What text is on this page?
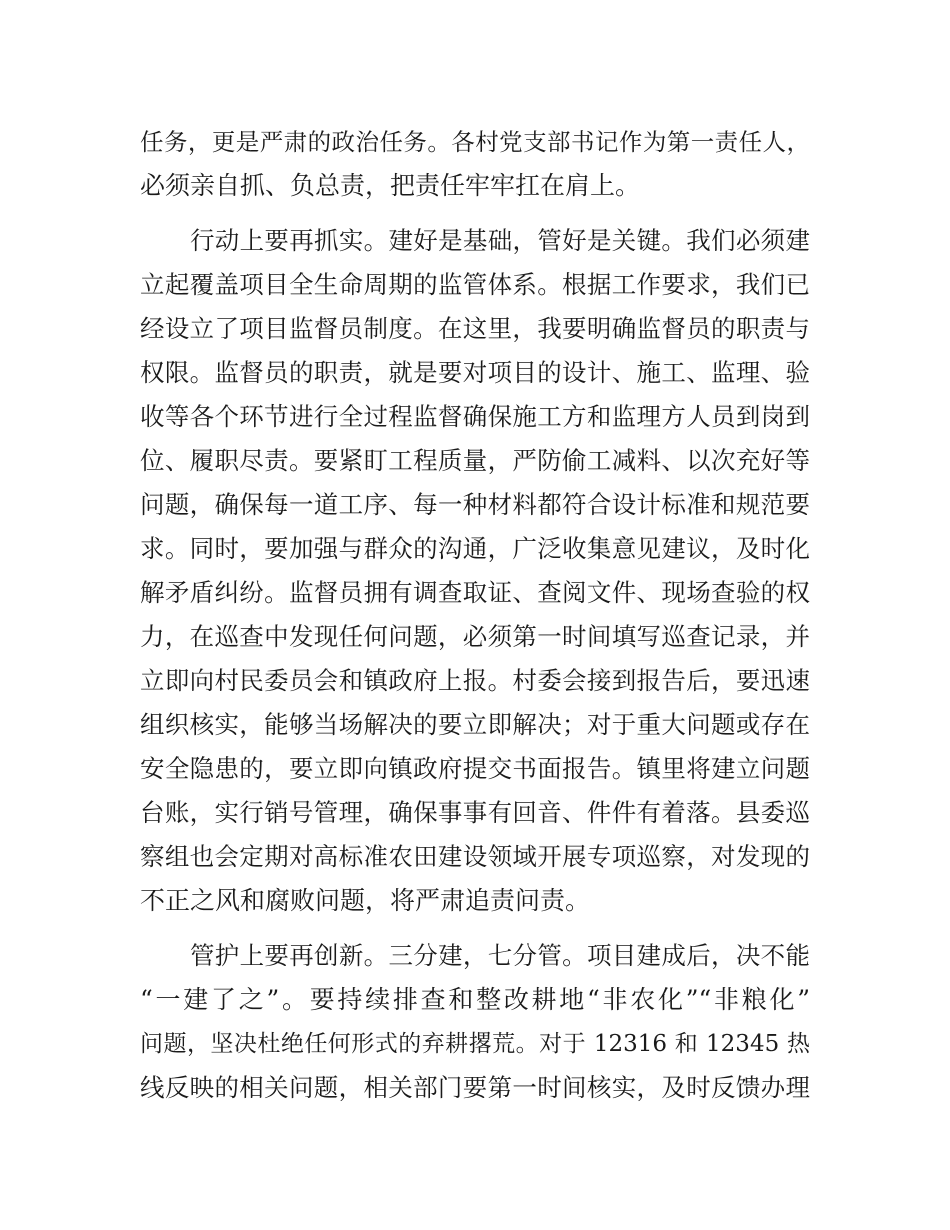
任务，更是严肃的政治任务。各村党支部书记作为第一责任人，
必须亲自抓、负总责，把责任牢牢扛在肩上。
行动上要再抓实。建好是基础，管好是关键。我们必须建
立起覆盖项目全生命周期的监管体系。根据工作要求，我们已
经设立了项目监督员制度。在这里，我要明确监督员的职责与
权限。监督员的职责，就是要对项目的设计、施工、监理、验
收等各个环节进行全过程监督确保施工方和监理方人员到岗到
位、履职尽责。要紧盯工程质量，严防偷工减料、以次充好等
问题，确保每一道工序、每一种材料都符合设计标准和规范要
求。同时，要加强与群众的沟通，广泛收集意见建议，及时化
解矛盾纠纷。监督员拥有调查取证、查阅文件、现场查验的权
力，在巡查中发现任何问题，必须第一时间填写巡查记录，并
立即向村民委员会和镇政府上报。村委会接到报告后，要迅速
组织核实，能够当场解决的要立即解决；对于重大问题或存在
安全隐患的，要立即向镇政府提交书面报告。镇里将建立问题
台账，实行销号管理，确保事事有回音、件件有着落。县委巡
察组也会定期对高标准农田建设领域开展专项巡察，对发现的
不正之风和腐败问题，将严肃追责问责。
管护上要再创新。三分建，七分管。项目建成后，决不能
“一建了之”。要持续排查和整改耕地“非农化”“非粮化”
问题，坚决杜绝任何形式的弃耕撂荒。对于 12316 和 12345 热
线反映的相关问题，相关部门要第一时间核实，及时反馈办理
